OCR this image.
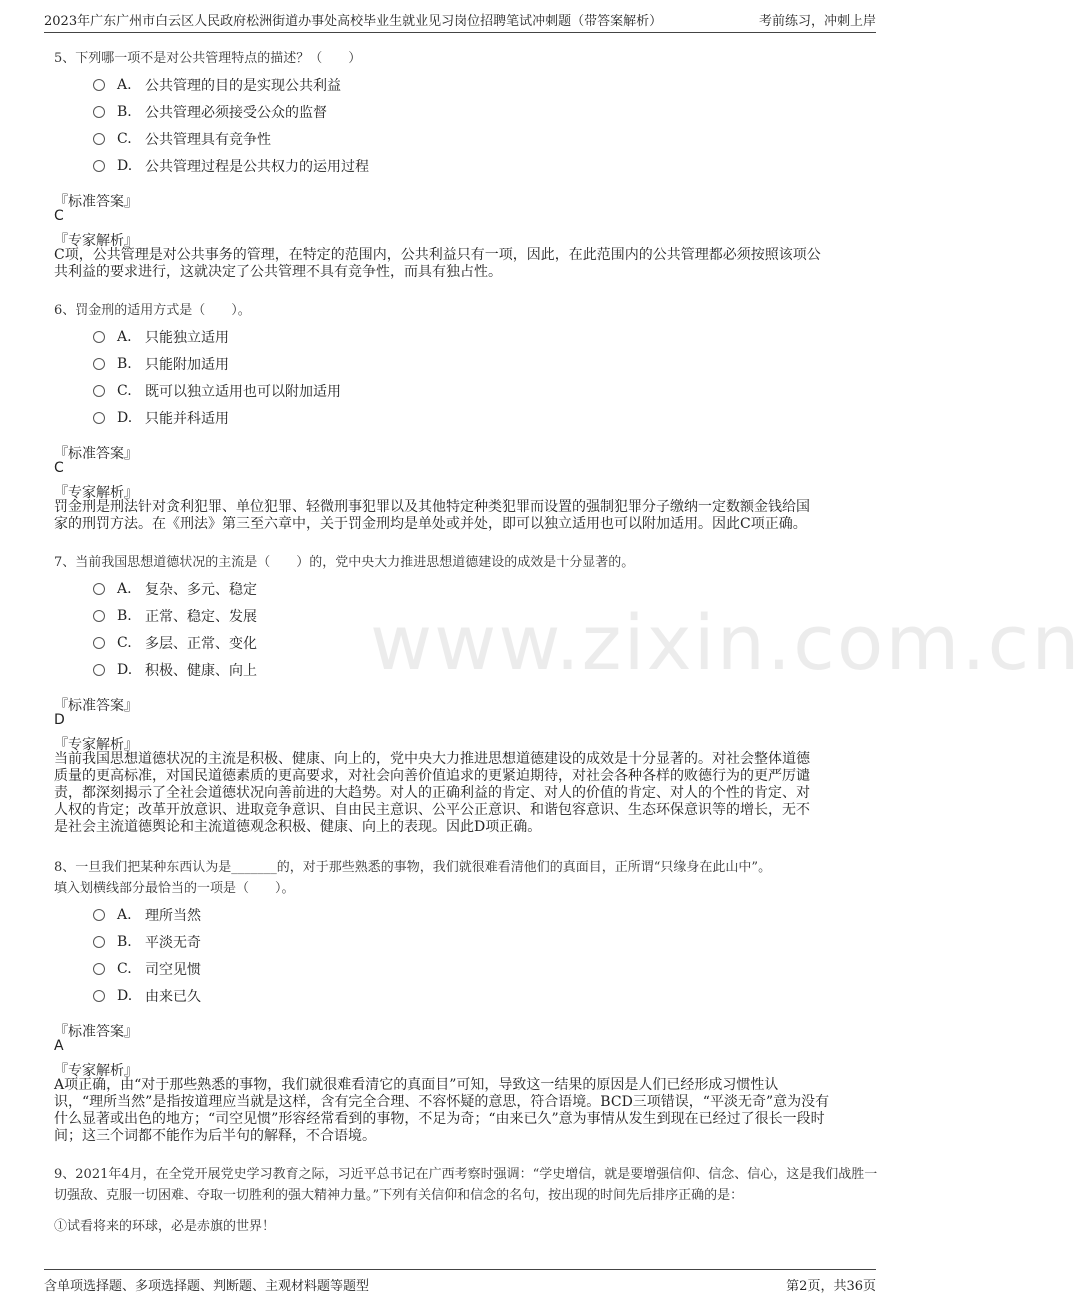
2023年广东广州市白云区人民政府松洲街道办事处高校毕业生就业见习岗位招聘笔试冲刺题（带答案解析）	考前练习，冲刺上岸
www.zixin.com.cn
5、下列哪一项不是对公共管理特点的描述？（　　）
A. 公共管理的目的是实现公共利益
B. 公共管理必须接受公众的监督
C. 公共管理具有竞争性
D. 公共管理过程是公共权力的运用过程
『标准答案』
C
『专家解析』
C项，公共管理是对公共事务的管理，在特定的范围内，公共利益只有一项，因此，在此范围内的公共管理都必须按照该项公
共利益的要求进行，这就决定了公共管理不具有竞争性，而具有独占性。
6、罚金刑的适用方式是（　　）。
A. 只能独立适用
B. 只能附加适用
C. 既可以独立适用也可以附加适用
D. 只能并科适用
『标准答案』
C
『专家解析』
罚金刑是刑法针对贪利犯罪、单位犯罪、轻微刑事犯罪以及其他特定种类犯罪而设置的强制犯罪分子缴纳一定数额金钱给国
家的刑罚方法。在《刑法》第三至六章中，关于罚金刑均是单处或并处，即可以独立适用也可以附加适用。因此C项正确。
7、当前我国思想道德状况的主流是（　　）的，党中央大力推进思想道德建设的成效是十分显著的。
A. 复杂、多元、稳定
B. 正常、稳定、发展
C. 多层、正常、变化
D. 积极、健康、向上
『标准答案』
D
『专家解析』
当前我国思想道德状况的主流是积极、健康、向上的，党中央大力推进思想道德建设的成效是十分显著的。对社会整体道德
质量的更高标准，对国民道德素质的更高要求，对社会向善价值追求的更紧迫期待，对社会各种各样的败德行为的更严厉谴
责，都深刻揭示了全社会道德状况向善前进的大趋势。对人的正确利益的肯定、对人的价值的肯定、对人的个性的肯定、对
人权的肯定；改革开放意识、进取竞争意识、自由民主意识、公平公正意识、和谐包容意识、生态环保意识等的增长，无不
是社会主流道德舆论和主流道德观念积极、健康、向上的表现。因此D项正确。
8、一旦我们把某种东西认为是_______的，对于那些熟悉的事物，我们就很难看清他们的真面目，正所谓“只缘身在此山中”。
填入划横线部分最恰当的一项是（　　）。
A. 理所当然
B. 平淡无奇
C. 司空见惯
D. 由来已久
『标准答案』
A
『专家解析』
A项正确，由“对于那些熟悉的事物，我们就很难看清它的真面目”可知，导致这一结果的原因是人们已经形成习惯性认
识，“理所当然”是指按道理应当就是这样，含有完全合理、不容怀疑的意思，符合语境。BCD三项错误，“平淡无奇”意为没有
什么显著或出色的地方；“司空见惯”形容经常看到的事物，不足为奇；“由来已久”意为事情从发生到现在已经过了很长一段时
间；这三个词都不能作为后半句的解释，不合语境。
9、2021年4月，在全党开展党史学习教育之际，习近平总书记在广西考察时强调：“学史增信，就是要增强信仰、信念、信心，这是我们战胜一
切强敌、克服一切困难、夺取一切胜利的强大精神力量。”下列有关信仰和信念的名句，按出现的时间先后排序正确的是：
①试看将来的环球，必是赤旗的世界！
含单项选择题、多项选择题、判断题、主观材料题等题型	第2页，共36页
